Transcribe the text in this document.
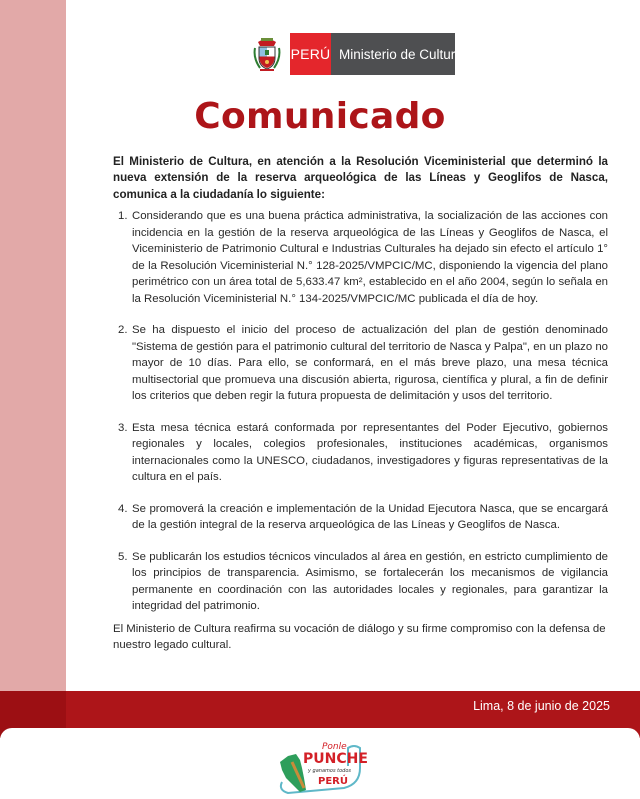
PERÚ Ministerio de Cultura
Comunicado

El Ministerio de Cultura, en atención a la Resolución Viceministerial que determinó la nueva extensión de la reserva arqueológica de las Líneas y Geoglifos de Nasca, comunica a la ciudadanía lo siguiente:

1. Considerando que es una buena práctica administrativa, la socialización de las acciones con incidencia en la gestión de la reserva arqueológica de las Líneas y Geoglifos de Nasca, el Viceministerio de Patrimonio Cultural e Industrias Culturales ha dejado sin efecto el artículo 1° de la Resolución Viceministerial N.° 128-2025/VMPCIC/MC, disponiendo la vigencia del plano perimétrico con un área total de 5,633.47 km², establecido en el año 2004, según lo señala en la Resolución Viceministerial N.° 134-2025/VMPCIC/MC publicada el día de hoy.
2. Se ha dispuesto el inicio del proceso de actualización del plan de gestión denominado "Sistema de gestión para el patrimonio cultural del territorio de Nasca y Palpa", en un plazo no mayor de 10 días. Para ello, se conformará, en el más breve plazo, una mesa técnica multisectorial que promueva una discusión abierta, rigurosa, científica y plural, a fin de definir los criterios que deben regir la futura propuesta de delimitación y usos del territorio.
3. Esta mesa técnica estará conformada por representantes del Poder Ejecutivo, gobiernos regionales y locales, colegios profesionales, instituciones académicas, organismos internacionales como la UNESCO, ciudadanos, investigadores y figuras representativas de la cultura en el país.
4. Se promoverá la creación e implementación de la Unidad Ejecutora Nasca, que se encargará de la gestión integral de la reserva arqueológica de las Líneas y Geoglifos de Nasca.
5. Se publicarán los estudios técnicos vinculados al área en gestión, en estricto cumplimiento de los principios de transparencia. Asimismo, se fortalecerán los mecanismos de vigilancia permanente en coordinación con las autoridades locales y regionales, para garantizar la integridad del patrimonio.

El Ministerio de Cultura reafirma su vocación de diálogo y su firme compromiso con la defensa de nuestro legado cultural.

Lima, 8 de junio de 2025
Ponle
PUNCHE
y ganamos todos
PERÚ
